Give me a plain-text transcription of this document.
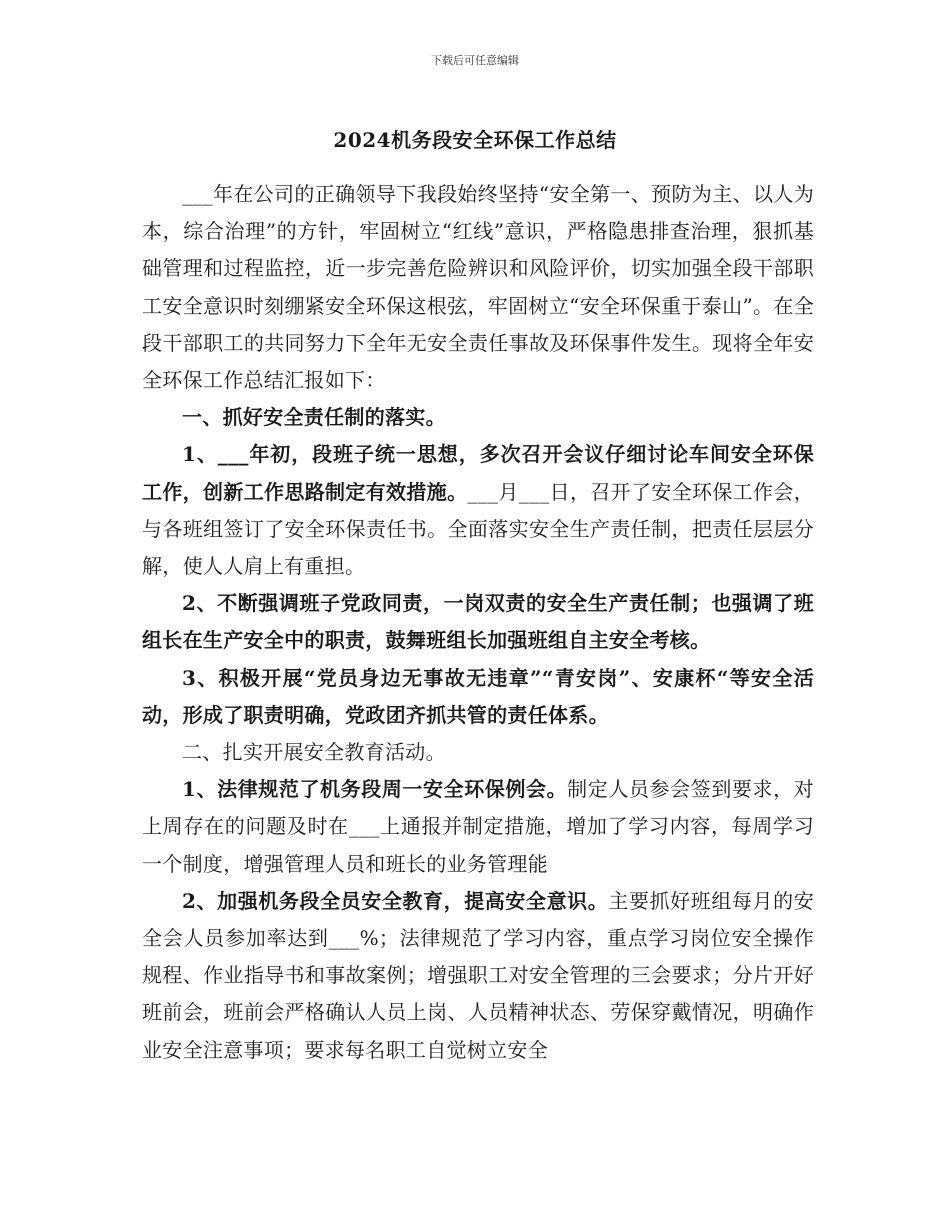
下载后可任意编辑
2024机务段安全环保工作总结

___年在公司的正确领导下我段始终坚持“安全第一、预防为主、以人为本，综合治理”的方针，牢固树立“红线”意识，严格隐患排查治理，狠抓基础管理和过程监控，近一步完善危险辨识和风险评价，切实加强全段干部职工安全意识时刻绷紧安全环保这根弦，牢固树立“安全环保重于泰山”。在全段干部职工的共同努力下全年无安全责任事故及环保事件发生。现将全年安全环保工作总结汇报如下：

一、抓好安全责任制的落实。

1、___年初，段班子统一思想，多次召开会议仔细讨论车间安全环保工作，创新工作思路制定有效措施。___月___日，召开了安全环保工作会，与各班组签订了安全环保责任书。全面落实安全生产责任制，把责任层层分解，使人人肩上有重担。

2、不断强调班子党政同责，一岗双责的安全生产责任制；也强调了班组长在生产安全中的职责，鼓舞班组长加强班组自主安全考核。

3、积极开展“党员身边无事故无违章”“青安岗”、安康杯“等安全活动，形成了职责明确，党政团齐抓共管的责任体系。

二、扎实开展安全教育活动。

1、法律规范了机务段周一安全环保例会。制定人员参会签到要求，对上周存在的问题及时在___上通报并制定措施，增加了学习内容，每周学习一个制度，增强管理人员和班长的业务管理能

2、加强机务段全员安全教育，提高安全意识。主要抓好班组每月的安全会人员参加率达到___%；法律规范了学习内容，重点学习岗位安全操作规程、作业指导书和事故案例；增强职工对安全管理的三会要求；分片开好班前会，班前会严格确认人员上岗、人员精神状态、劳保穿戴情况，明确作业安全注意事项；要求每名职工自觉树立安全
